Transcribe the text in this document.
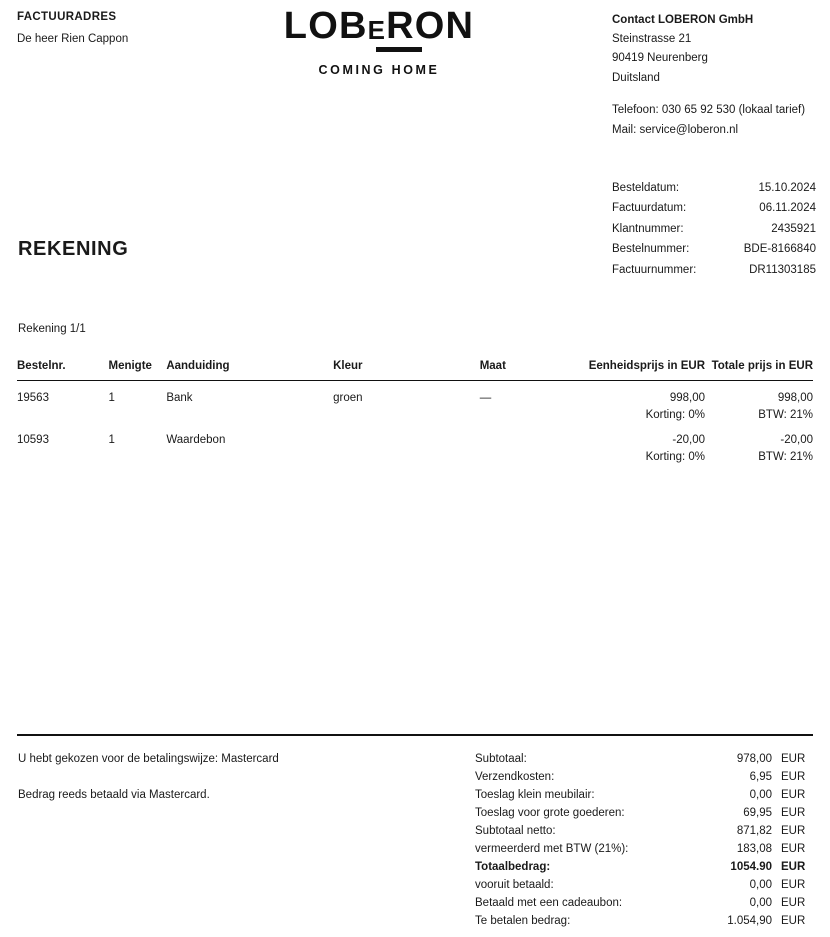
FACTUURADRES
De heer Rien Cappon	LOBERON
COMING HOME
Contact LOBERON GmbH
Steinstrasse 21
90419 Neurenberg
Duitsland
Telefoon: 030 65 92 530 (lokaal tarief)
Mail: service@loberon.nl
Besteldatum:	15.10.2024
Factuurdatum:	06.11.2024
Klantnummer:	2435921
Bestelnummer:	BDE-8166840
Factuurnummer:	DR11303185
REKENING
Rekening 1/1
Bestelnr.	Menigte	Aanduiding	Kleur	Maat	Eenheidsprijs in EUR	Totale prijs in EUR
19563	1	Bank	groen	—	998,00	998,00
					Korting: 0%	BTW: 21%
10593	1	Waardebon			-20,00	-20,00
					Korting: 0%	BTW: 21%

U hebt gekozen voor de betalingswijze: Mastercard

Bedrag reeds betaald via Mastercard.

Subtotaal:	978,00	EUR
Verzendkosten:	6,95	EUR
Toeslag klein meubilair:	0,00	EUR
Toeslag voor grote goederen:	69,95	EUR
Subtotaal netto:	871,82	EUR
vermeerderd met BTW (21%):	183,08	EUR
Totaalbedrag:	1054.90	EUR
vooruit betaald:	0,00	EUR
Betaald met een cadeaubon:	0,00	EUR
Te betalen bedrag:	1.054,90	EUR
